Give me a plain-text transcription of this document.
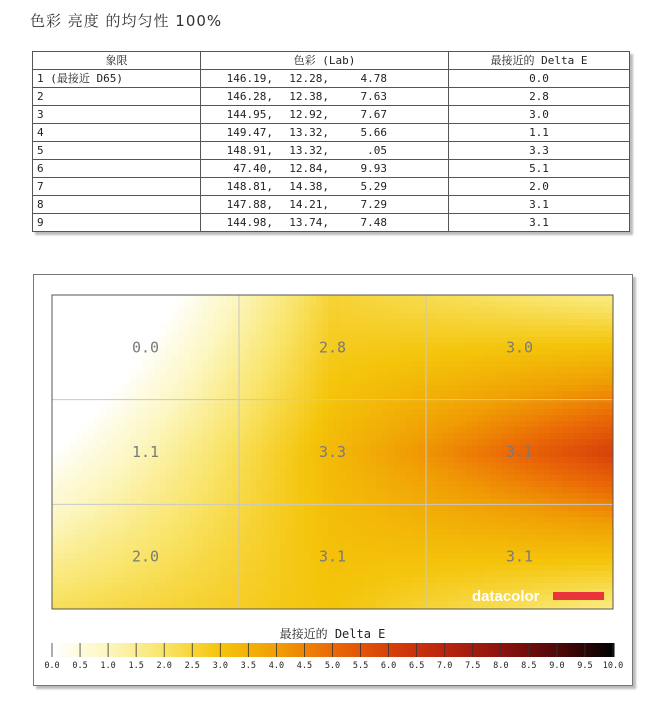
色彩 亮度 的均匀性 100%
象限	色彩 (Lab)	最接近的 Delta E
1 (最接近 D65)	146.19, 12.28, 4.78	0.0
2	146.28, 12.38, 7.63	2.8
3	144.95, 12.92, 7.67	3.0
4	149.47, 13.32, 5.66	1.1
5	148.91, 13.32, .05	3.3
6	47.40, 12.84, 9.93	5.1
7	148.81, 14.38, 5.29	2.0
8	147.88, 14.21, 7.29	3.1
9	144.98, 13.74, 7.48	3.1
0.0	2.8	3.0
1.1	3.3	3.1
2.0	3.1	3.1
datacolor
最接近的 Delta E
0.0 0.5 1.0 1.5 2.0 2.5 3.0 3.5 4.0 4.5 5.0 5.5 6.0 6.5 7.0 7.5 8.0 8.5 9.0 9.5 10.0
